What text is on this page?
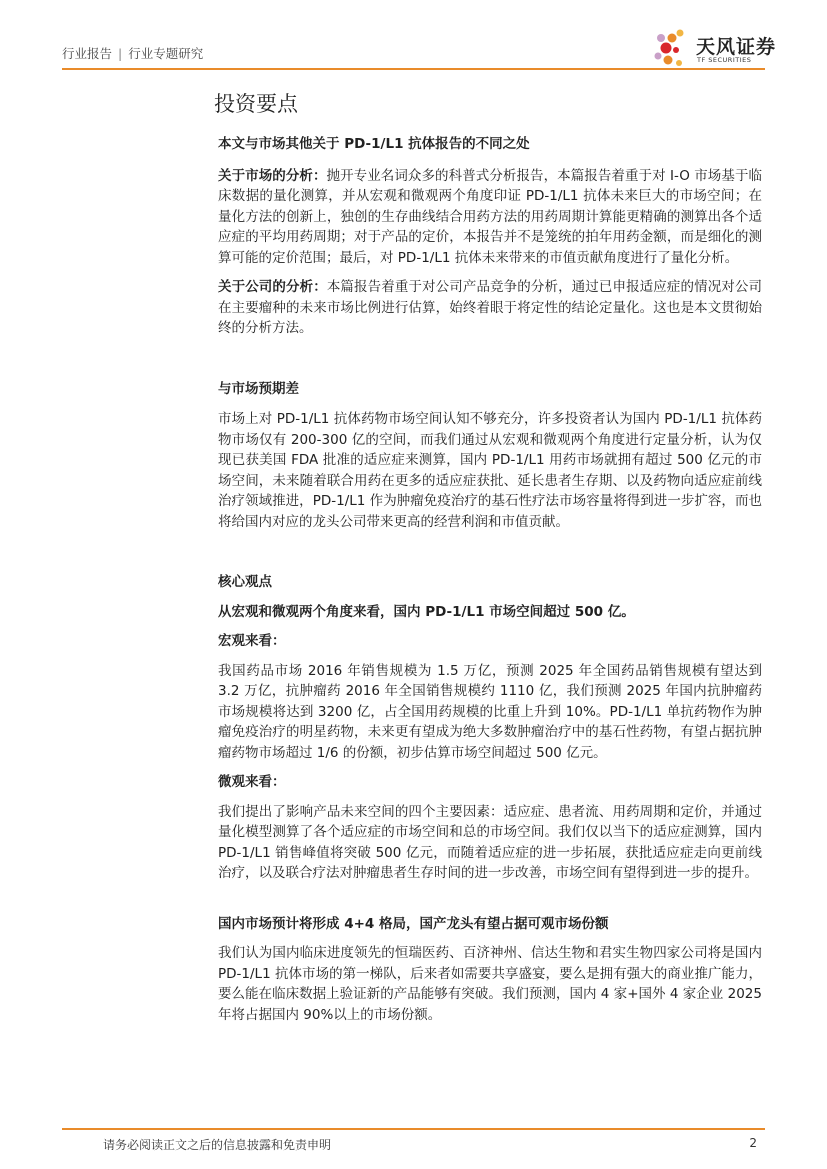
行业报告 | 行业专题研究	天风证券
TF SECURITIES
投资要点

本文与市场其他关于 PD-1/L1 抗体报告的不同之处

关于市场的分析：抛开专业名词众多的科普式分析报告，本篇报告着重于对 I-O 市场基于临床数据的量化测算，并从宏观和微观两个角度印证 PD-1/L1 抗体未来巨大的市场空间；在量化方法的创新上，独创的生存曲线结合用药方法的用药周期计算能更精确的测算出各个适应症的平均用药周期；对于产品的定价，本报告并不是笼统的拍年用药金额，而是细化的测算可能的定价范围；最后，对 PD-1/L1 抗体未来带来的市值贡献角度进行了量化分析。

关于公司的分析：本篇报告着重于对公司产品竞争的分析，通过已申报适应症的情况对公司在主要瘤种的未来市场比例进行估算，始终着眼于将定性的结论定量化。这也是本文贯彻始终的分析方法。

与市场预期差

市场上对 PD-1/L1 抗体药物市场空间认知不够充分，许多投资者认为国内 PD-1/L1 抗体药物市场仅有 200-300 亿的空间，而我们通过从宏观和微观两个角度进行定量分析，认为仅现已获美国 FDA 批准的适应症来测算，国内 PD-1/L1 用药市场就拥有超过 500 亿元的市场空间，未来随着联合用药在更多的适应症获批、延长患者生存期、以及药物向适应症前线治疗领域推进，PD-1/L1 作为肿瘤免疫治疗的基石性疗法市场容量将得到进一步扩容，而也将给国内对应的龙头公司带来更高的经营利润和市值贡献。

核心观点

从宏观和微观两个角度来看，国内 PD-1/L1 市场空间超过 500 亿。

宏观来看：

我国药品市场 2016 年销售规模为 1.5 万亿，预测 2025 年全国药品销售规模有望达到 3.2 万亿，抗肿瘤药 2016 年全国销售规模约 1110 亿，我们预测 2025 年国内抗肿瘤药市场规模将达到 3200 亿，占全国用药规模的比重上升到 10%。PD-1/L1 单抗药物作为肿瘤免疫治疗的明星药物，未来更有望成为绝大多数肿瘤治疗中的基石性药物，有望占据抗肿瘤药物市场超过 1/6 的份额，初步估算市场空间超过 500 亿元。

微观来看：

我们提出了影响产品未来空间的四个主要因素：适应症、患者流、用药周期和定价，并通过量化模型测算了各个适应症的市场空间和总的市场空间。我们仅以当下的适应症测算，国内 PD-1/L1 销售峰值将突破 500 亿元，而随着适应症的进一步拓展，获批适应症走向更前线治疗，以及联合疗法对肿瘤患者生存时间的进一步改善，市场空间有望得到进一步的提升。

国内市场预计将形成 4+4 格局，国产龙头有望占据可观市场份额

我们认为国内临床进度领先的恒瑞医药、百济神州、信达生物和君实生物四家公司将是国内 PD-1/L1 抗体市场的第一梯队，后来者如需要共享盛宴，要么是拥有强大的商业推广能力，要么能在临床数据上验证新的产品能够有突破。我们预测，国内 4 家+国外 4 家企业 2025 年将占据国内 90%以上的市场份额。

请务必阅读正文之后的信息披露和免责申明	2
